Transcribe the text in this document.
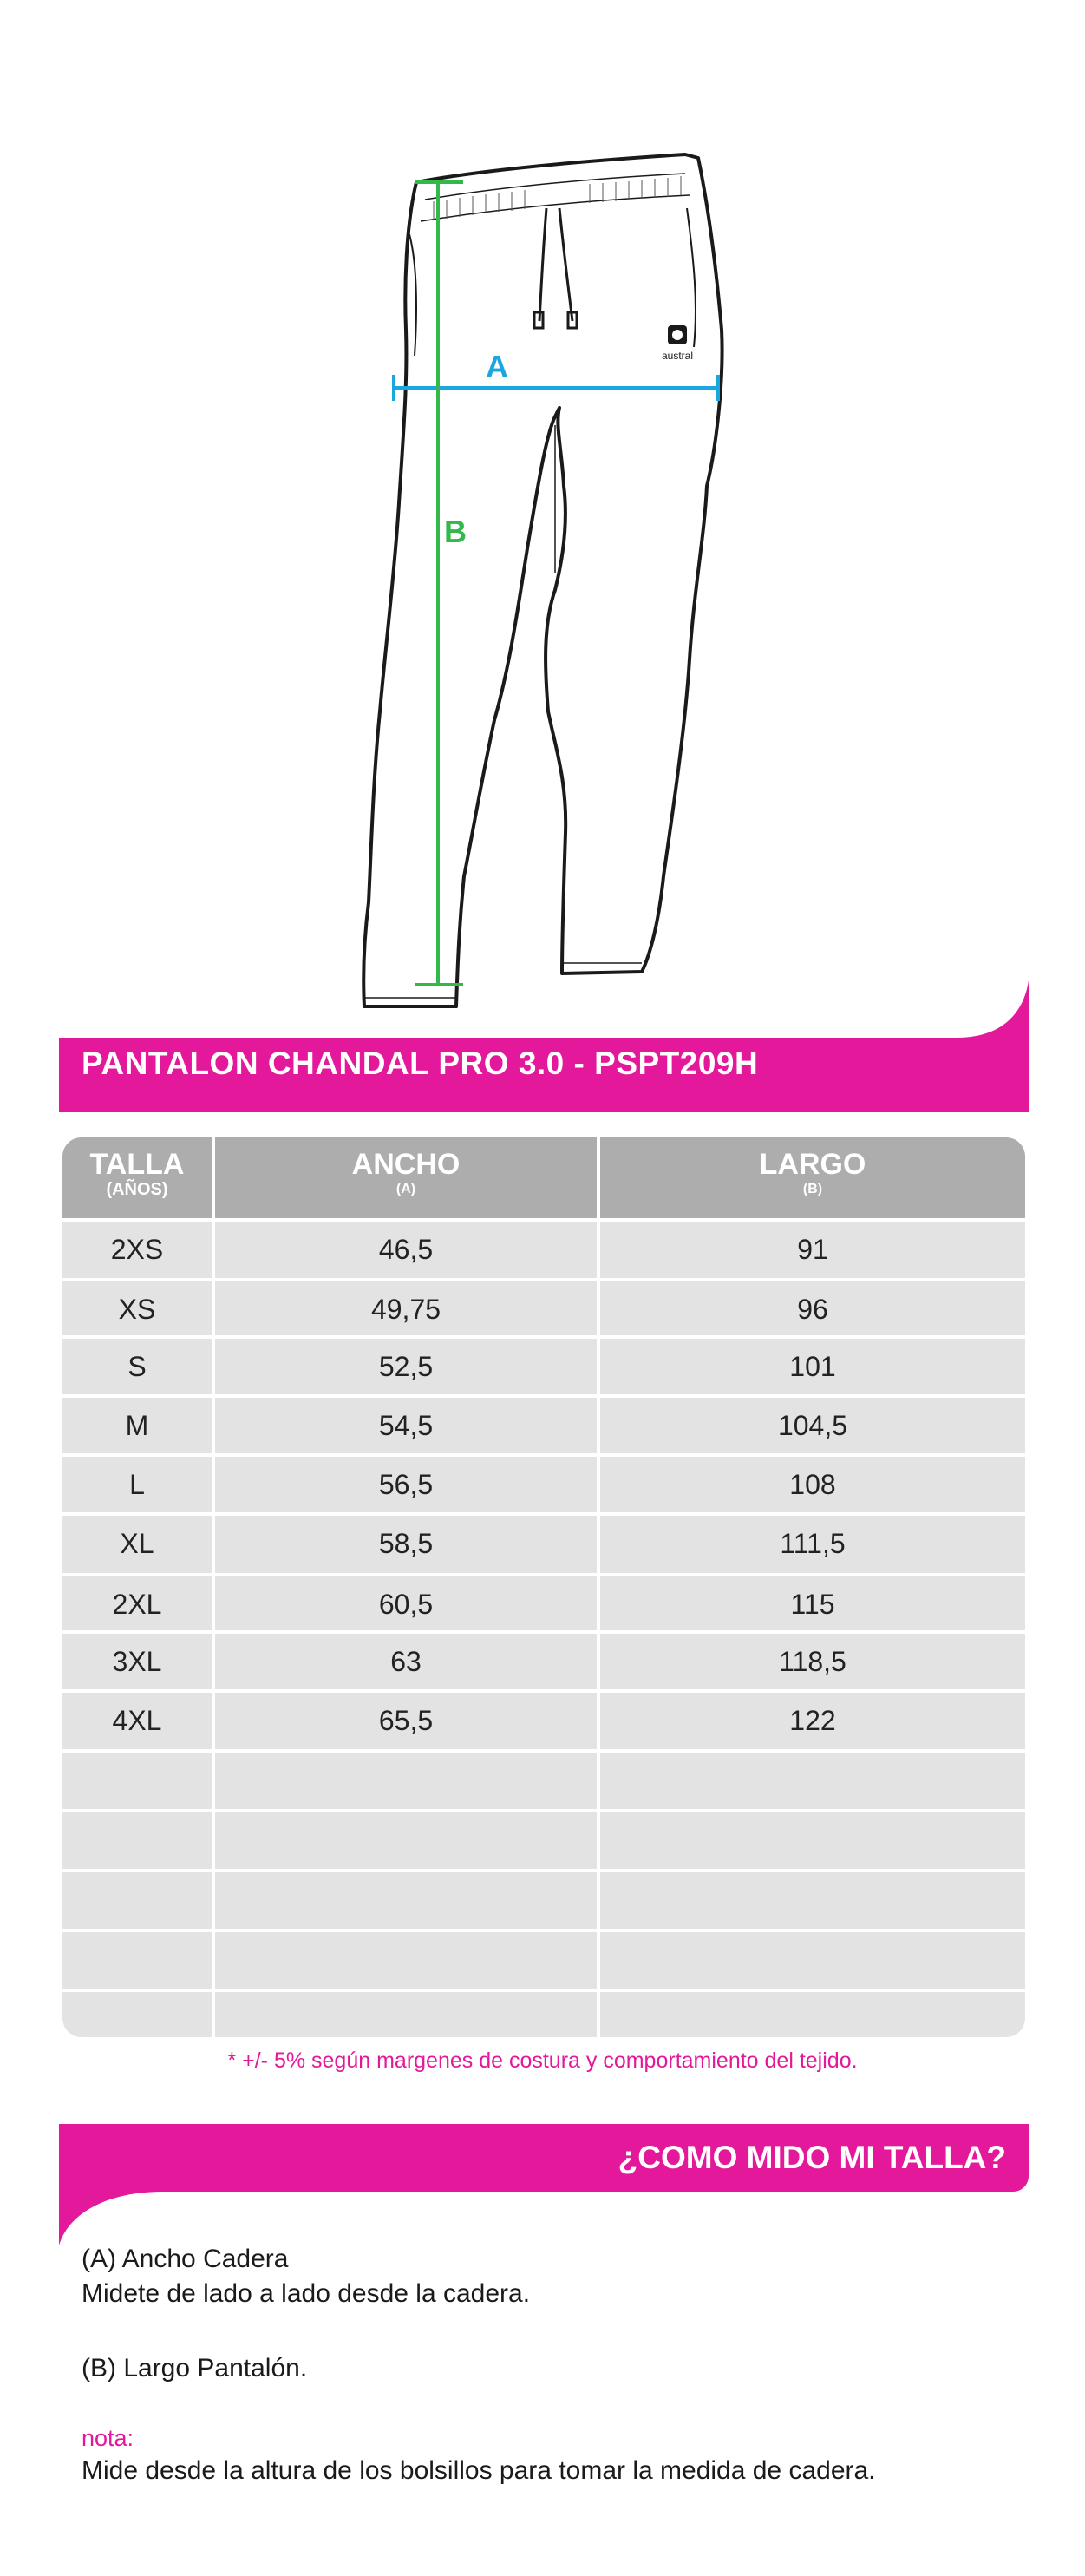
austral
A
B
PANTALON CHANDAL PRO 3.0 - PSPT209H
TALLA
(AÑOS)
ANCHO
(A)
LARGO
(B)
2XS	46,5	91
XS	49,75	96
S	52,5	101
M	54,5	104,5
L	56,5	108
XL	58,5	111,5
2XL	60,5	115
3XL	63	118,5
4XL	65,5	122
* +/- 5% según margenes de costura y comportamiento del tejido.
¿COMO MIDO MI TALLA?
(A) Ancho Cadera
Midete de lado a lado desde la cadera.
(B) Largo Pantalón.
nota:
Mide desde la altura de los bolsillos para tomar la medida de cadera.
